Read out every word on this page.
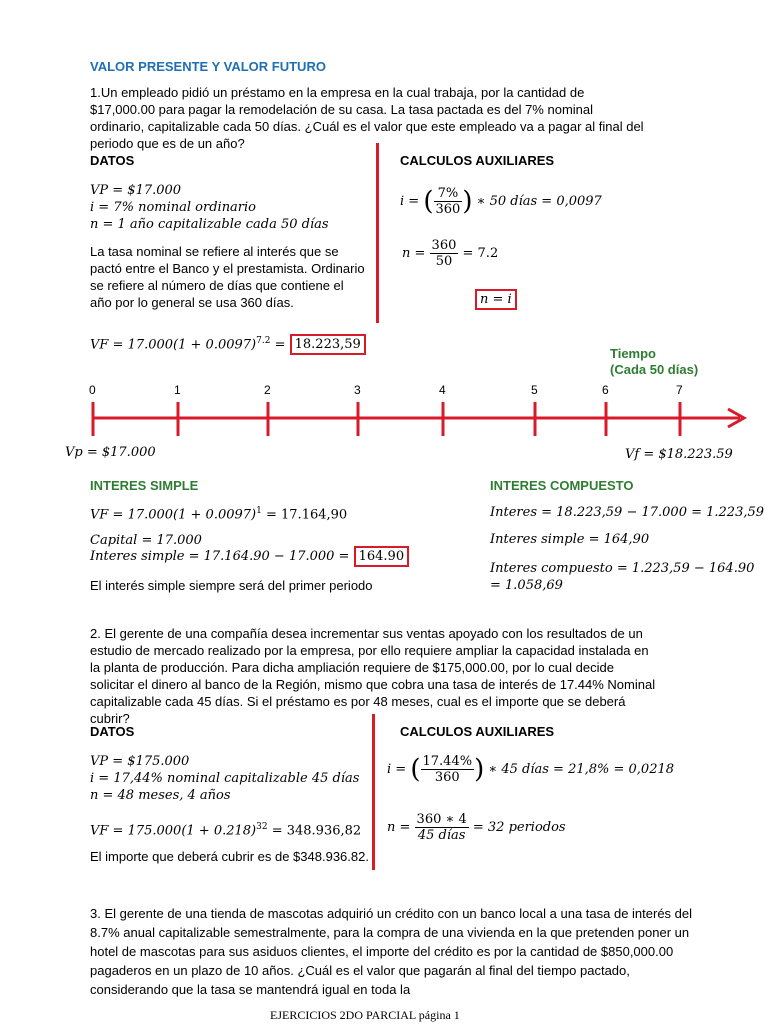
VALOR PRESENTE Y VALOR FUTURO
1.Un empleado pidió un préstamo en la empresa en la cual trabaja, por la cantidad de $17,000.00 para pagar la remodelación de su casa. La tasa pactada es del 7% nominal ordinario, capitalizable cada 50 días. ¿Cuál es el valor que este empleado va a pagar al final del periodo que es de un año?
DATOS	CALCULOS AUXILIARES
VP = $17.000
i = 7% nominal ordinario
n = 1 año capitalizable cada 50 días
La tasa nominal se refiere al interés que se pactó entre el Banco y el prestamista. Ordinario se refiere al número de días que contiene el año por lo general se usa 360 días.
i = ( $\frac{7\%}{360}$ ) ∗ 50 días = 0,0097
$n = \frac{360}{50} = 7.2$
n = i
VF = $17.000(1 + 0.0097)^{7.2} = 18.223,59$
Tiempo
(Cada 50 días)
0	1	2	3	4	5	6	7
Vp = $17.000	Vf = $18.223.59
INTERES SIMPLE	INTERES COMPUESTO
VF = $17.000(1 + 0.0097)^1 = 17.164,90$
Capital = 17.000
Interes simple = 17.164.90 − 17.000 = 164.90
El interés simple siempre será del primer periodo
Interes = 18.223,59 − 17.000 = 1.223,59
Interes simple = 164,90
Interes compuesto = 1.223,59 − 164.90
= 1.058,69
2. El gerente de una compañía desea incrementar sus ventas apoyado con los resultados de un estudio de mercado realizado por la empresa, por ello requiere ampliar la capacidad instalada en la planta de producción. Para dicha ampliación requiere de $175,000.00, por lo cual decide solicitar el dinero al banco de la Región, mismo que cobra una tasa de interés de 17.44% Nominal capitalizable cada 45 días. Si el préstamo es por 48 meses, cual es el importe que se deberá cubrir?
DATOS	CALCULOS AUXILIARES
VP = $175.000
i = 17,44% nominal capitalizable 45 días
n = 48 meses, 4 años
VF = $175.000(1 + 0.218)^{32} = 348.936,82$
El importe que deberá cubrir es de $348.936.82.
i = ( $\frac{17.44\%}{360}$ ) ∗ 45 días = 21,8% = 0,0218
$n = \frac{360 ∗ 4}{\text{45 días}} = 32$ periodos
3. El gerente de una tienda de mascotas adquirió un crédito con un banco local a una tasa de interés del 8.7% anual capitalizable semestralmente, para la compra de una vivienda en la que pretenden poner un hotel de mascotas para sus asiduos clientes, el importe del crédito es por la cantidad de $850,000.00 pagaderos en un plazo de 10 años. ¿Cuál es el valor que pagarán al final del tiempo pactado, considerando que la tasa se mantendrá igual en toda la
EJERCICIOS 2DO PARCIAL página 1
